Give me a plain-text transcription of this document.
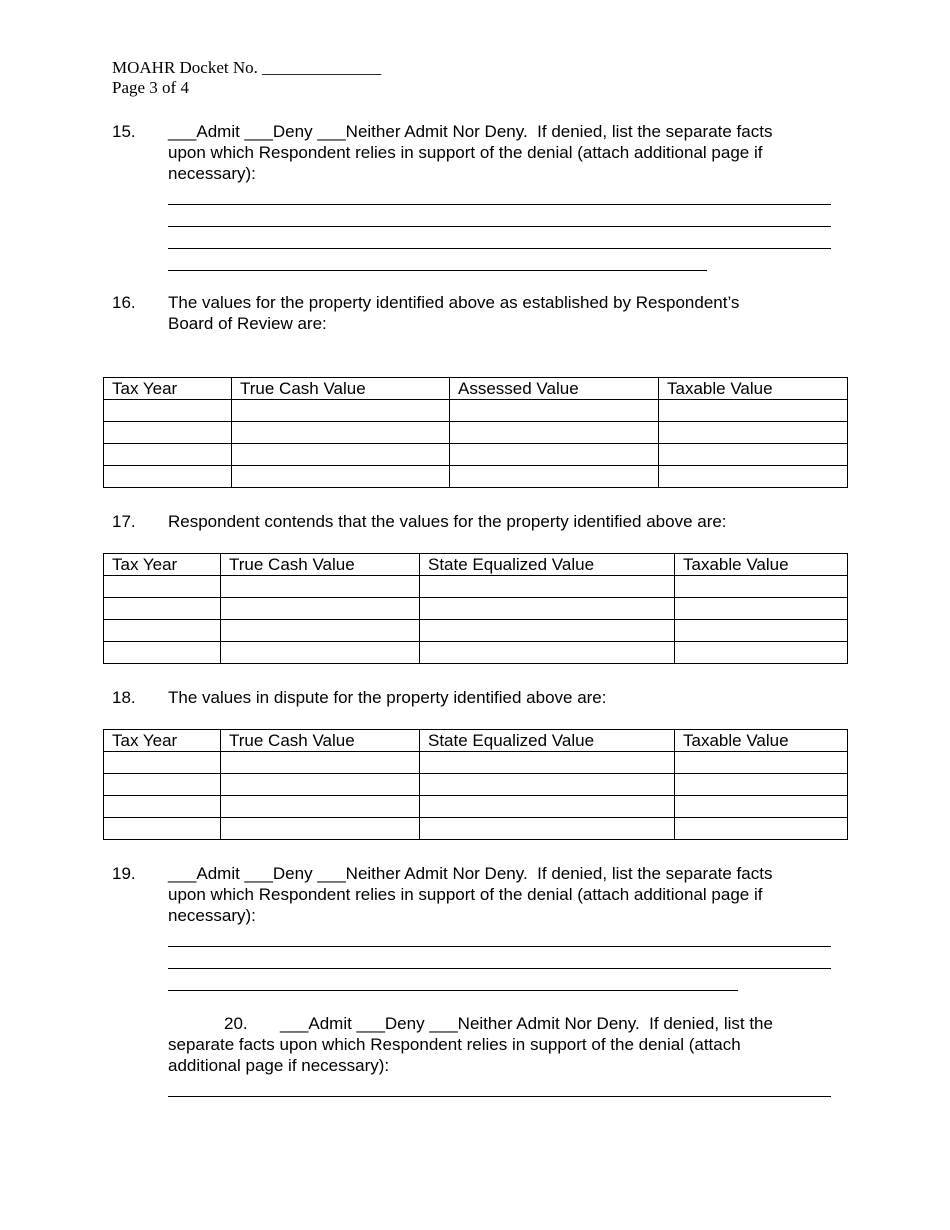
MOAHR Docket No. ______________
Page 3 of 4
15. ___Admit ___Deny ___Neither Admit Nor Deny.  If denied, list the separate facts
upon which Respondent relies in support of the denial (attach additional page if
necessary):
16. The values for the property identified above as established by Respondent’s
Board of Review are:
Tax Year	True Cash Value	Assessed Value	Taxable Value

17. Respondent contends that the values for the property identified above are:
Tax Year	True Cash Value	State Equalized Value	Taxable Value

18. The values in dispute for the property identified above are:
Tax Year	True Cash Value	State Equalized Value	Taxable Value

19. ___Admit ___Deny ___Neither Admit Nor Deny.  If denied, list the separate facts
upon which Respondent relies in support of the denial (attach additional page if
necessary):
20. ___Admit ___Deny ___Neither Admit Nor Deny.  If denied, list the
separate facts upon which Respondent relies in support of the denial (attach
additional page if necessary):
